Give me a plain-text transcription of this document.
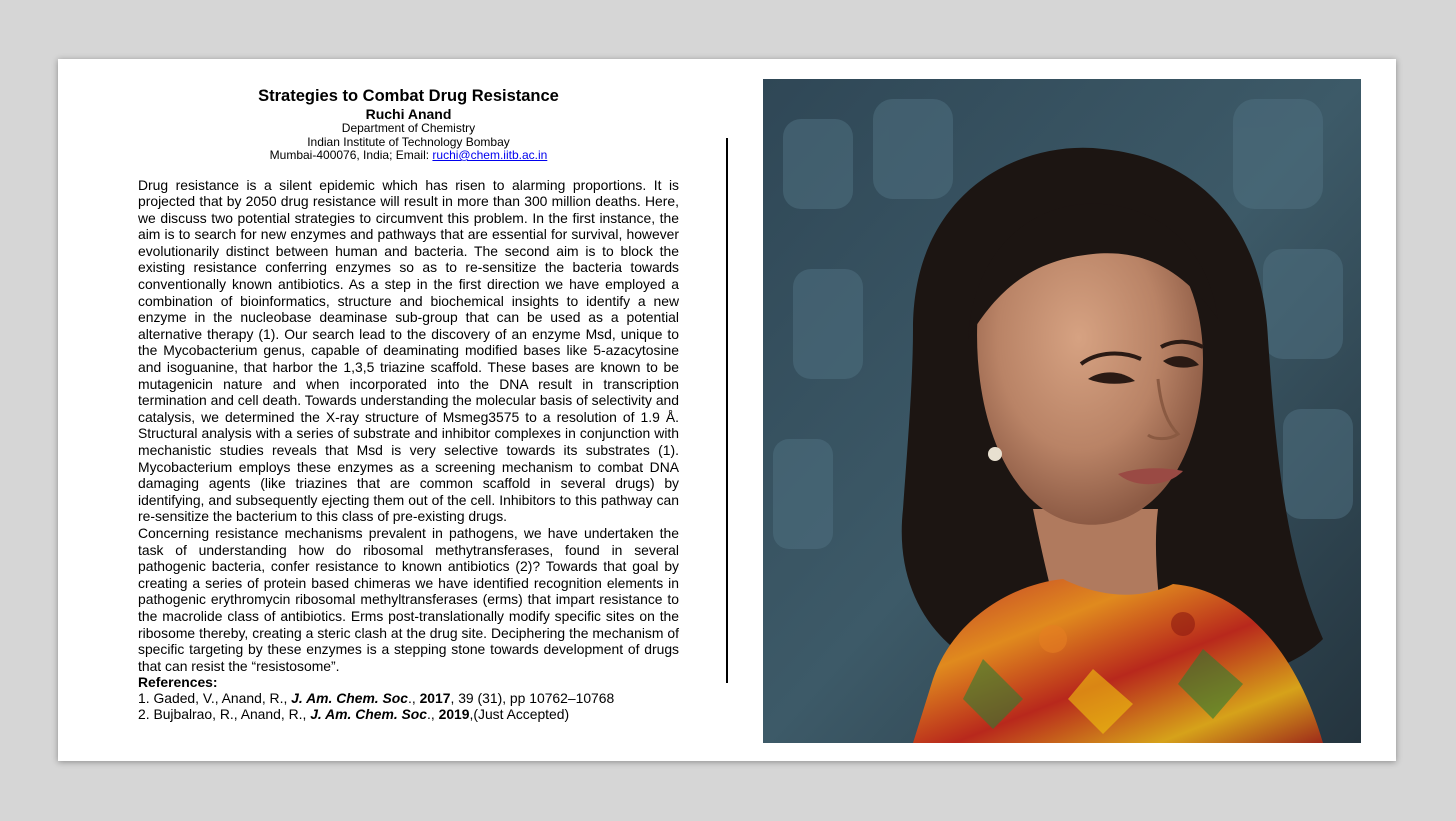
Strategies to Combat Drug Resistance

Ruchi Anand

Department of Chemistry

Indian Institute of Technology Bombay

Mumbai-400076, India; Email: ruchi@chem.iitb.ac.in

Drug resistance is a silent epidemic which has risen to alarming proportions. It is projected that by 2050 drug resistance will result in more than 300 million deaths. Here, we discuss two potential strategies to circumvent this problem. In the first instance, the aim is to search for new enzymes and pathways that are essential for survival, however evolutionarily distinct between human and bacteria. The second aim is to block the existing resistance conferring enzymes so as to re-sensitize the bacteria towards conventionally known antibiotics. As a step in the first direction we have employed a combination of bioinformatics, structure and biochemical insights to identify a new enzyme in the nucleobase deaminase sub-group that can be used as a potential alternative therapy (1). Our search lead to the discovery of an enzyme Msd, unique to the Mycobacterium genus, capable of deaminating modified bases like 5-azacytosine and isoguanine, that harbor the 1,3,5 triazine scaffold. These bases are known to be mutagenicin nature and when incorporated into the DNA result in transcription termination and cell death. Towards understanding the molecular basis of selectivity and catalysis, we determined the X-ray structure of Msmeg3575 to a resolution of 1.9 Å. Structural analysis with a series of substrate and inhibitor complexes in conjunction with mechanistic studies reveals that Msd is very selective towards its substrates (1). Mycobacterium employs these enzymes as a screening mechanism to combat DNA damaging agents (like triazines that are common scaffold in several drugs) by identifying, and subsequently ejecting them out of the cell. Inhibitors to this pathway can re-sensitize the bacterium to this class of pre-existing drugs.

Concerning resistance mechanisms prevalent in pathogens, we have undertaken the task of understanding how do ribosomal methytransferases, found in several pathogenic bacteria, confer resistance to known antibiotics (2)? Towards that goal by creating a series of protein based chimeras we have identified recognition elements in pathogenic erythromycin ribosomal methyltransferases (erms) that impart resistance to the macrolide class of antibiotics. Erms post-translationally modify specific sites on the ribosome thereby, creating a steric clash at the drug site. Deciphering the mechanism of specific targeting by these enzymes is a stepping stone towards development of drugs that can resist the “resistosome”.

References:

1. Gaded, V., Anand, R., J. Am. Chem. Soc., 2017, 39 (31), pp 10762–10768

2. Bujbalrao, R., Anand, R., J. Am. Chem. Soc., 2019,(Just Accepted)
